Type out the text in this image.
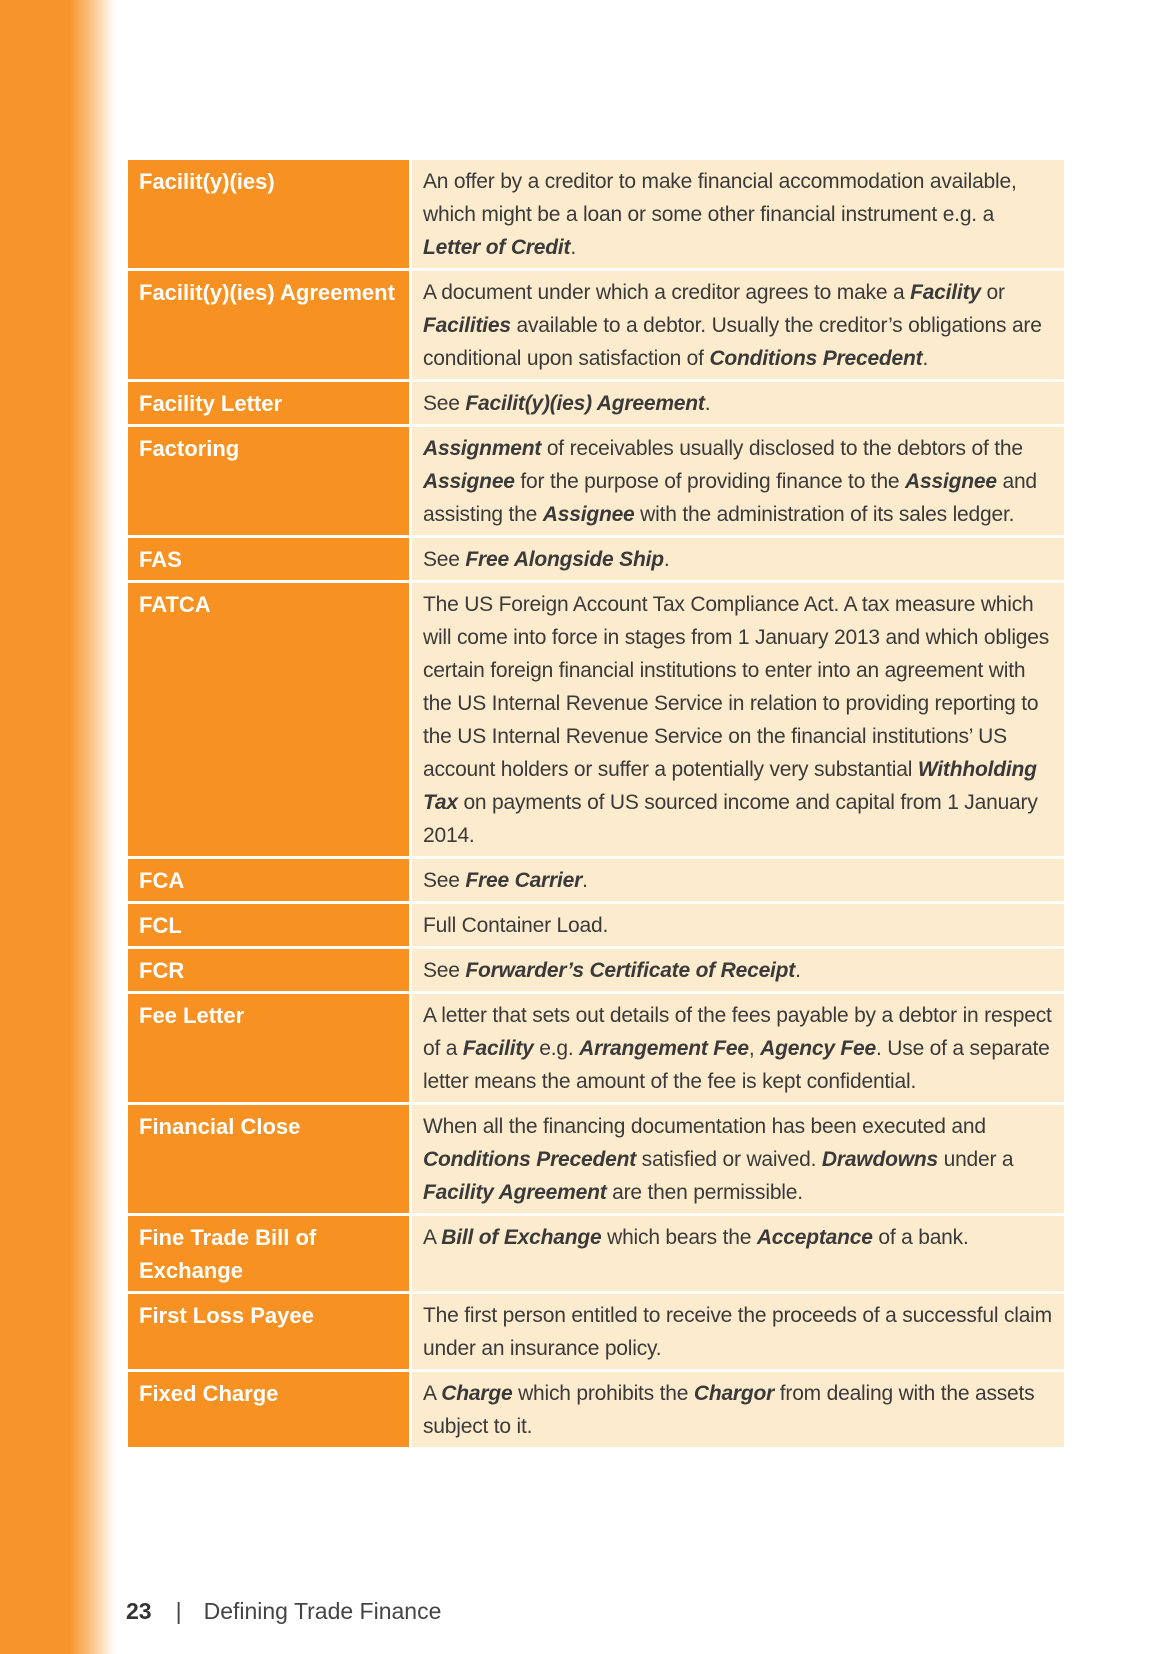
Facilit(y)(ies)	An offer by a creditor to make financial accommodation available, which might be a loan or some other financial instrument e.g. a Letter of Credit.
Facilit(y)(ies) Agreement	A document under which a creditor agrees to make a Facility or Facilities available to a debtor. Usually the creditor’s obligations are conditional upon satisfaction of Conditions Precedent.
Facility Letter	See Facilit(y)(ies) Agreement.
Factoring	Assignment of receivables usually disclosed to the debtors of the Assignee for the purpose of providing finance to the Assignee and assisting the Assignee with the administration of its sales ledger.
FAS	See Free Alongside Ship.
FATCA	The US Foreign Account Tax Compliance Act. A tax measure which will come into force in stages from 1 January 2013 and which obliges certain foreign financial institutions to enter into an agreement with the US Internal Revenue Service in relation to providing reporting to the US Internal Revenue Service on the financial institutions’ US account holders or suffer a potentially very substantial Withholding Tax on payments of US sourced income and capital from 1 January 2014.
FCA	See Free Carrier.
FCL	Full Container Load.
FCR	See Forwarder’s Certificate of Receipt.
Fee Letter	A letter that sets out details of the fees payable by a debtor in respect of a Facility e.g. Arrangement Fee, Agency Fee. Use of a separate letter means the amount of the fee is kept confidential.
Financial Close	When all the financing documentation has been executed and Conditions Precedent satisfied or waived. Drawdowns under a Facility Agreement are then permissible.
Fine Trade Bill of Exchange	A Bill of Exchange which bears the Acceptance of a bank.
First Loss Payee	The first person entitled to receive the proceeds of a successful claim under an insurance policy.
Fixed Charge	A Charge which prohibits the Chargor from dealing with the assets subject to it.
23 | Defining Trade Finance
